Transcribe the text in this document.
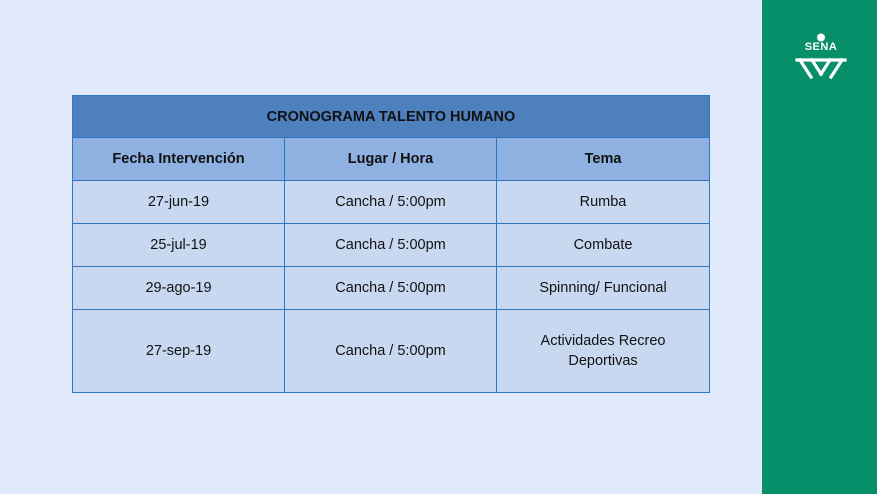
SENA
CRONOGRAMA TALENTO HUMANO		
Fecha Intervención	Lugar / Hora	Tema
27-jun-19	Cancha / 5:00pm	Rumba
25-jul-19	Cancha / 5:00pm	Combate
29-ago-19	Cancha / 5:00pm	Spinning/ Funcional
27-sep-19	Cancha / 5:00pm	Actividades Recreo Deportivas
